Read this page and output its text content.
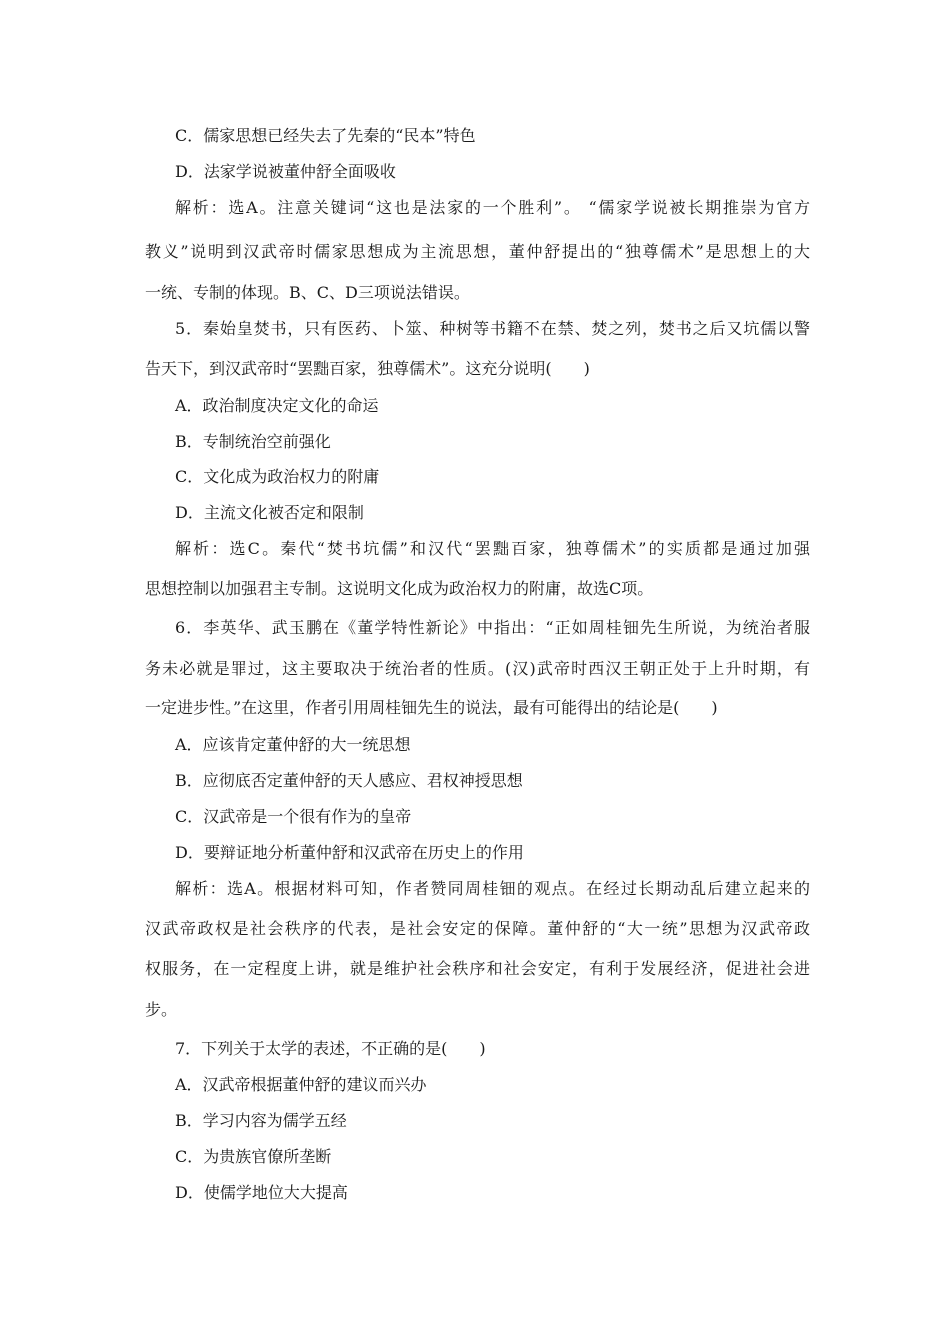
C．儒家思想已经失去了先秦的“民本”特色
D．法家学说被董仲舒全面吸收
解析：选A。注意关键词“这也是法家的一个胜利”。 “儒家学说被长期推崇为官方
教义”说明到汉武帝时儒家思想成为主流思想，董仲舒提出的“独尊儒术”是思想上的大
一统、专制的体现。B、C、D三项说法错误。
5．秦始皇焚书，只有医药、卜筮、种树等书籍不在禁、焚之列，焚书之后又坑儒以警
告天下，到汉武帝时“罢黜百家，独尊儒术”。这充分说明(　　)
A．政治制度决定文化的命运
B．专制统治空前强化
C．文化成为政治权力的附庸
D．主流文化被否定和限制
解析：选C。秦代“焚书坑儒”和汉代“罢黜百家，独尊儒术”的实质都是通过加强
思想控制以加强君主专制。这说明文化成为政治权力的附庸，故选C项。
6．李英华、武玉鹏在《董学特性新论》中指出：“正如周桂钿先生所说，为统治者服
务未必就是罪过，这主要取决于统治者的性质。(汉)武帝时西汉王朝正处于上升时期，有
一定进步性。”在这里，作者引用周桂钿先生的说法，最有可能得出的结论是(　　)
A．应该肯定董仲舒的大一统思想
B．应彻底否定董仲舒的天人感应、君权神授思想
C．汉武帝是一个很有作为的皇帝
D．要辩证地分析董仲舒和汉武帝在历史上的作用
解析：选A。根据材料可知，作者赞同周桂钿的观点。在经过长期动乱后建立起来的
汉武帝政权是社会秩序的代表，是社会安定的保障。董仲舒的“大一统”思想为汉武帝政
权服务，在一定程度上讲，就是维护社会秩序和社会安定，有利于发展经济，促进社会进
步。
7．下列关于太学的表述，不正确的是(　　)
A．汉武帝根据董仲舒的建议而兴办
B．学习内容为儒学五经
C．为贵族官僚所垄断
D．使儒学地位大大提高
